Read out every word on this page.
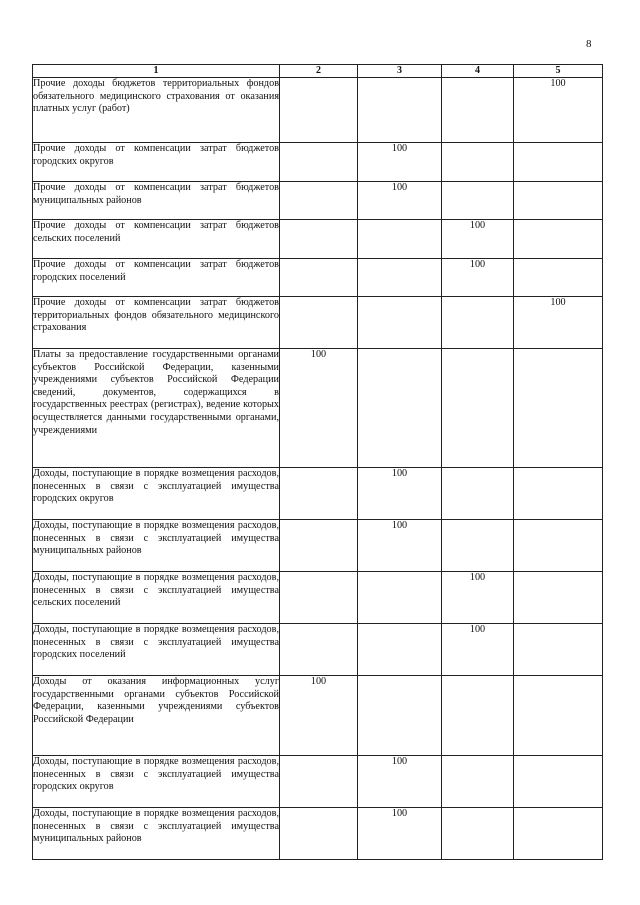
8
1	2	3	4	5
Прочие доходы бюджетов территориальных фондов обязательного медицинского страхования от оказания платных услуг (работ)				100
Прочие доходы от компенсации затрат бюджетов городских округов		100		
Прочие доходы от компенсации затрат бюджетов муниципальных районов		100		
Прочие доходы от компенсации затрат бюджетов сельских поселений			100	
Прочие доходы от компенсации затрат бюджетов городских поселений			100	
Прочие доходы от компенсации затрат бюджетов территориальных фондов обязательного медицинского страхования				100
Платы за предоставление государственными органами субъектов Российской Федерации, казенными учреждениями субъектов Российской Федерации сведений, документов, содержащихся в государственных реестрах (регистрах), ведение которых осуществляется данными государственными органами, учреждениями	100			
Доходы, поступающие в порядке возмещения расходов, понесенных в связи с эксплуатацией имущества городских округов		100		
Доходы, поступающие в порядке возмещения расходов, понесенных в связи с эксплуатацией имущества муниципальных районов		100		
Доходы, поступающие в порядке возмещения расходов, понесенных в связи с эксплуатацией имущества сельских поселений			100	
Доходы, поступающие в порядке возмещения расходов, понесенных в связи с эксплуатацией имущества городских поселений			100	
Доходы от оказания информационных услуг государственными органами субъектов Российской Федерации, казенными учреждениями субъектов Российской Федерации	100			
Доходы, поступающие в порядке возмещения расходов, понесенных в связи с эксплуатацией имущества городских округов		100		
Доходы, поступающие в порядке возмещения расходов, понесенных в связи с эксплуатацией имущества муниципальных районов		100		
